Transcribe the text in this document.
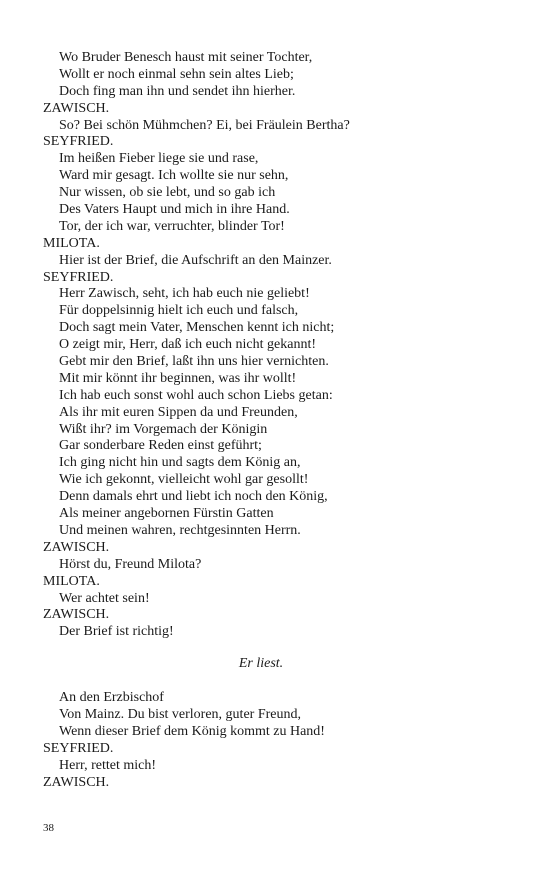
Wo Bruder Benesch haust mit seiner Tochter,
Wollt er noch einmal sehn sein altes Lieb;
Doch fing man ihn und sendet ihn hierher.
ZAWISCH.
So? Bei schön Mühmchen? Ei, bei Fräulein Bertha?
SEYFRIED.
Im heißen Fieber liege sie und rase,
Ward mir gesagt. Ich wollte sie nur sehn,
Nur wissen, ob sie lebt, und so gab ich
Des Vaters Haupt und mich in ihre Hand.
Tor, der ich war, verruchter, blinder Tor!
MILOTA.
Hier ist der Brief, die Aufschrift an den Mainzer.
SEYFRIED.
Herr Zawisch, seht, ich hab euch nie geliebt!
Für doppelsinnig hielt ich euch und falsch,
Doch sagt mein Vater, Menschen kennt ich nicht;
O zeigt mir, Herr, daß ich euch nicht gekannt!
Gebt mir den Brief, laßt ihn uns hier vernichten.
Mit mir könnt ihr beginnen, was ihr wollt!
Ich hab euch sonst wohl auch schon Liebs getan:
Als ihr mit euren Sippen da und Freunden,
Wißt ihr? im Vorgemach der Königin
Gar sonderbare Reden einst geführt;
Ich ging nicht hin und sagts dem König an,
Wie ich gekonnt, vielleicht wohl gar gesollt!
Denn damals ehrt und liebt ich noch den König,
Als meiner angebornen Fürstin Gatten
Und meinen wahren, rechtgesinnten Herrn.
ZAWISCH.
Hörst du, Freund Milota?
MILOTA.
Wer achtet sein!
ZAWISCH.
Der Brief ist richtig!
Er liest.
An den Erzbischof
Von Mainz. Du bist verloren, guter Freund,
Wenn dieser Brief dem König kommt zu Hand!
SEYFRIED.
Herr, rettet mich!
ZAWISCH.
38
